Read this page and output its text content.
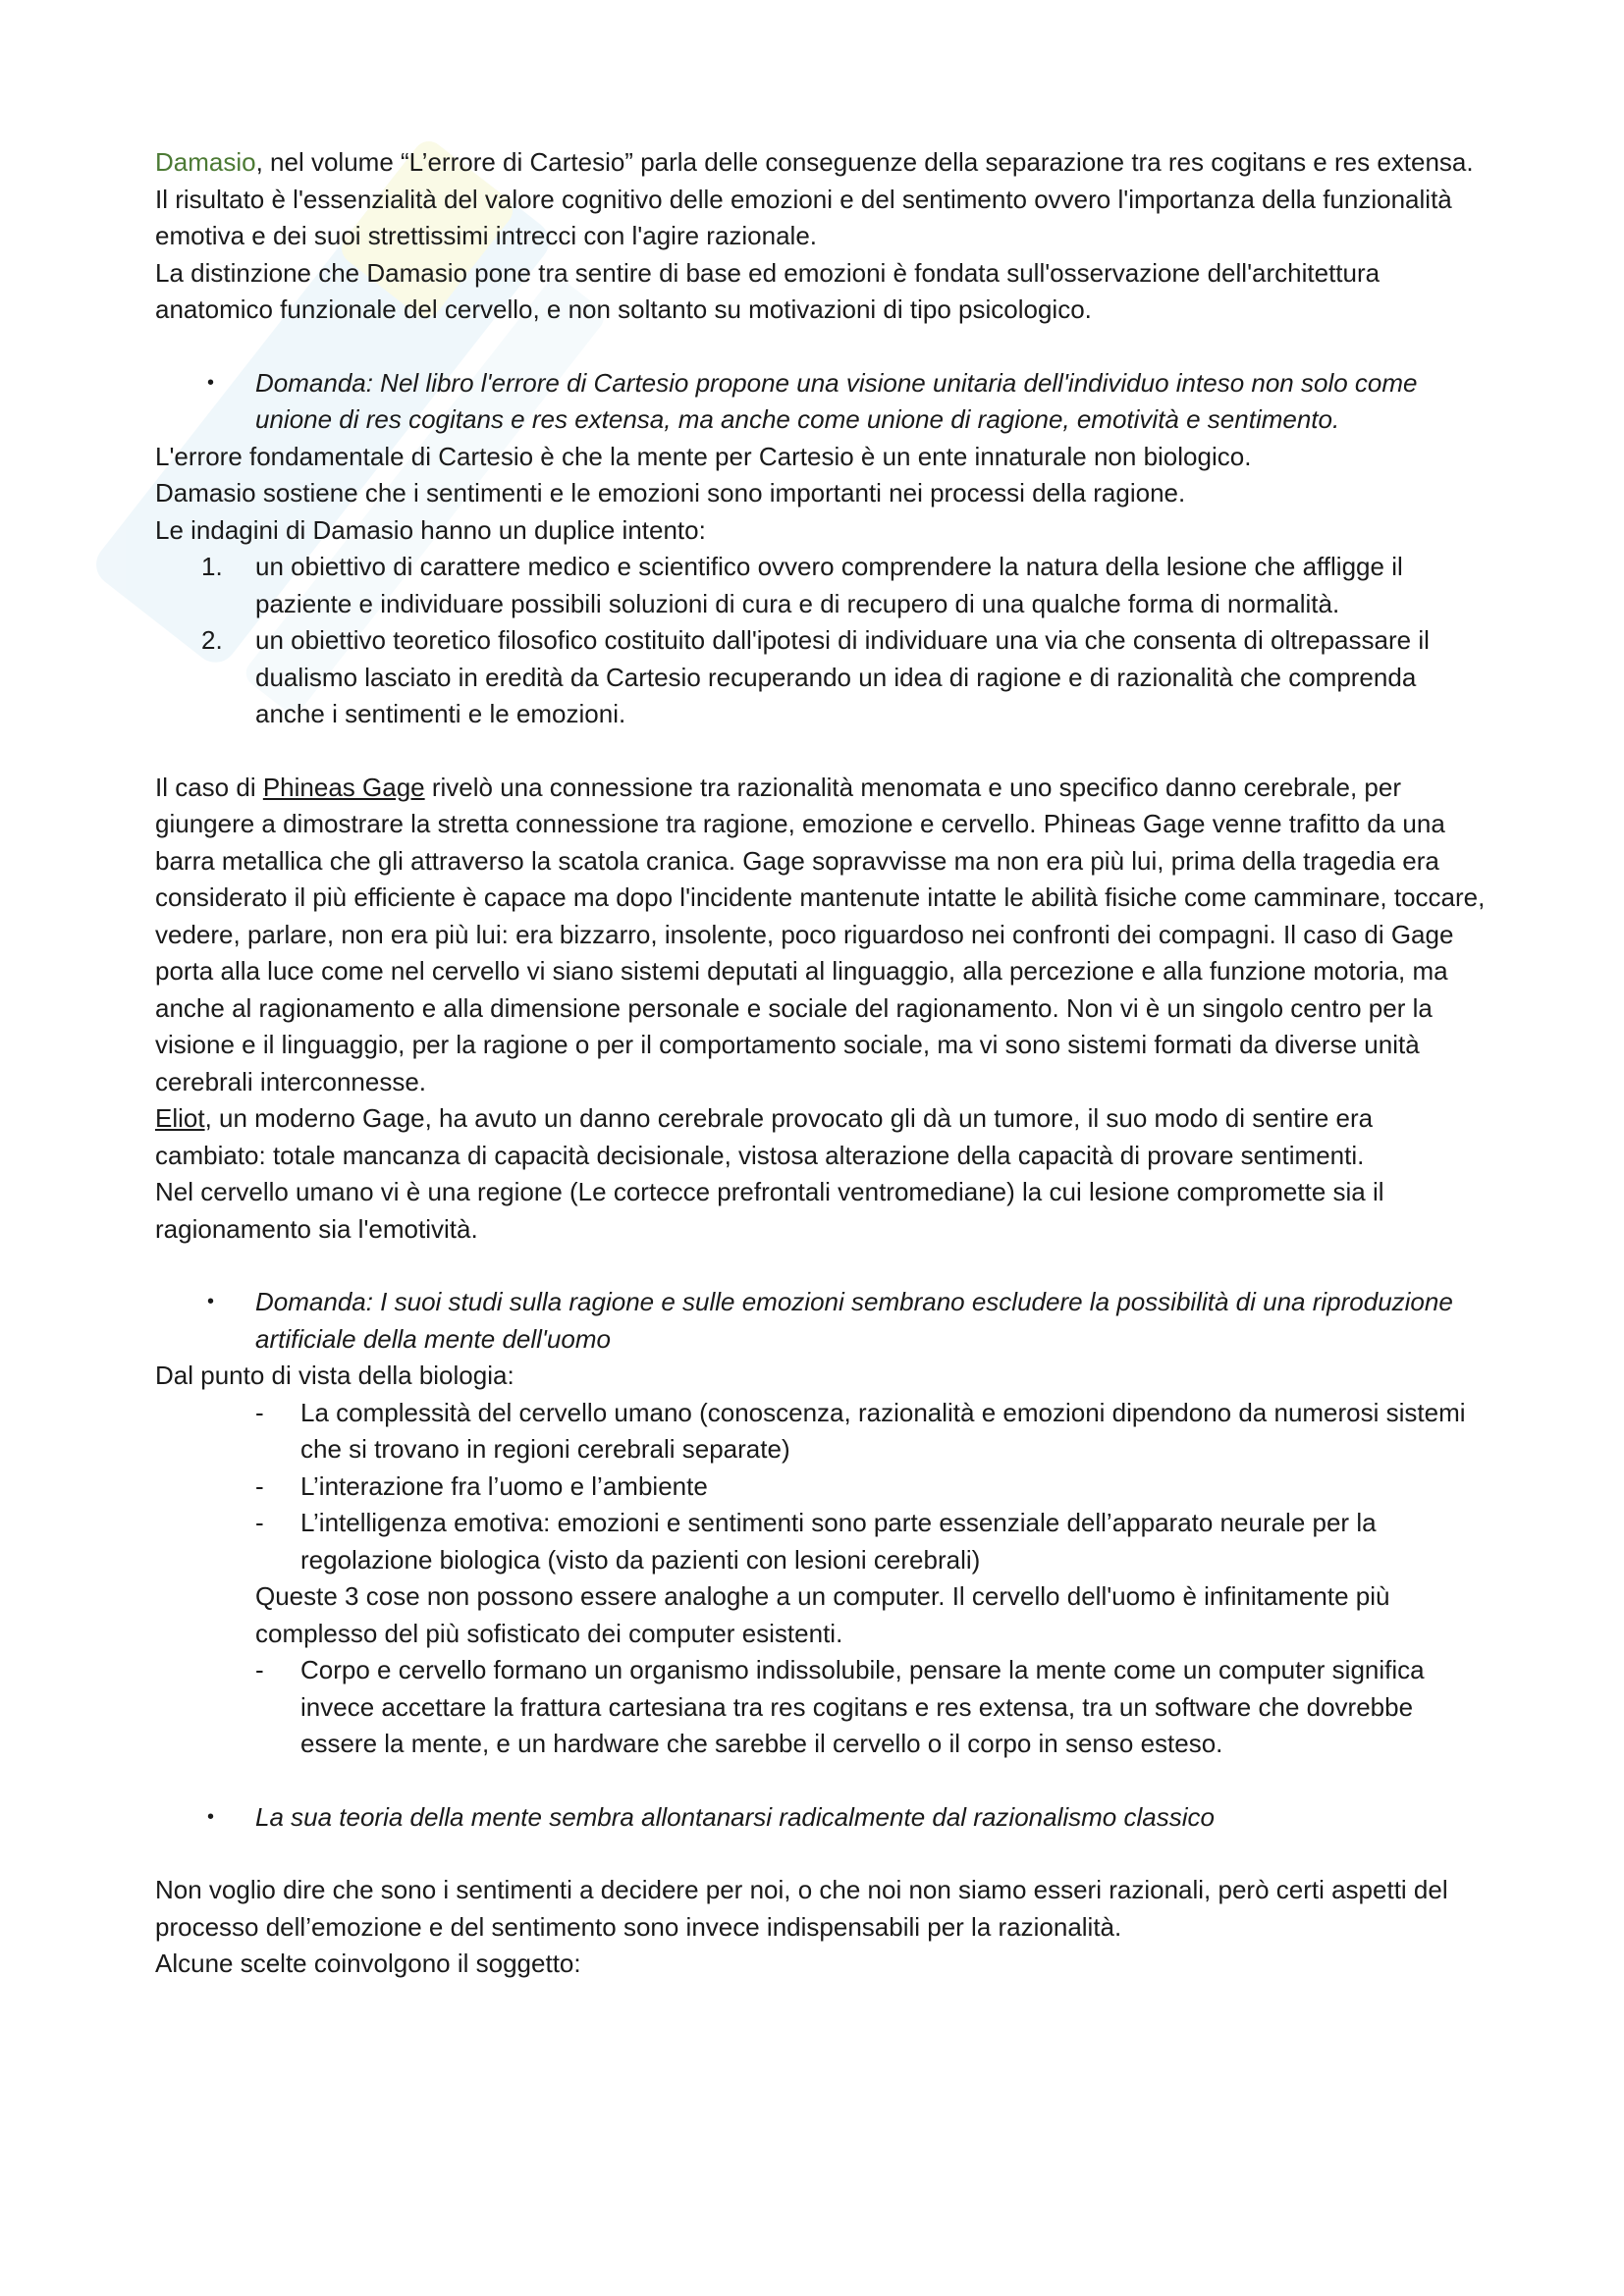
Damasio, nel volume “L’errore di Cartesio” parla delle conseguenze della separazione tra res cogitans e res extensa. Il risultato è l'essenzialità del valore cognitivo delle emozioni e del sentimento ovvero l'importanza della funzionalità emotiva e dei suoi strettissimi intrecci con l'agire razionale.

La distinzione che Damasio pone tra sentire di base ed emozioni è fondata sull'osservazione dell'architettura anatomico funzionale del cervello, e non soltanto su motivazioni di tipo psicologico.

• Domanda: Nel libro l'errore di Cartesio propone una visione unitaria dell'individuo inteso non solo come unione di res cogitans e res extensa, ma anche come unione di ragione, emotività e sentimento.

L'errore fondamentale di Cartesio è che la mente per Cartesio è un ente innaturale non biologico.

Damasio sostiene che i sentimenti e le emozioni sono importanti nei processi della ragione.

Le indagini di Damasio hanno un duplice intento:

1. un obiettivo di carattere medico e scientifico ovvero comprendere la natura della lesione che affligge il paziente e individuare possibili soluzioni di cura e di recupero di una qualche forma di normalità.
2. un obiettivo teoretico filosofico costituito dall'ipotesi di individuare una via che consenta di oltrepassare il dualismo lasciato in eredità da Cartesio recuperando un idea di ragione e di razionalità che comprenda anche i sentimenti e le emozioni.

Il caso di Phineas Gage rivelò una connessione tra razionalità menomata e uno specifico danno cerebrale, per giungere a dimostrare la stretta connessione tra ragione, emozione e cervello. Phineas Gage venne trafitto da una barra metallica che gli attraverso la scatola cranica. Gage sopravvisse ma non era più lui, prima della tragedia era considerato il più efficiente è capace ma dopo l'incidente mantenute intatte le abilità fisiche come camminare, toccare, vedere, parlare, non era più lui: era bizzarro, insolente, poco riguardoso nei confronti dei compagni. Il caso di Gage porta alla luce come nel cervello vi siano sistemi deputati al linguaggio, alla percezione e alla funzione motoria, ma anche al ragionamento e alla dimensione personale e sociale del ragionamento. Non vi è un singolo centro per la visione e il linguaggio, per la ragione o per il comportamento sociale, ma vi sono sistemi formati da diverse unità cerebrali interconnesse.

Eliot, un moderno Gage, ha avuto un danno cerebrale provocato gli dà un tumore, il suo modo di sentire era cambiato: totale mancanza di capacità decisionale, vistosa alterazione della capacità di provare sentimenti.

Nel cervello umano vi è una regione (Le cortecce prefrontali ventromediane) la cui lesione compromette sia il ragionamento sia l'emotività.

• Domanda: I suoi studi sulla ragione e sulle emozioni sembrano escludere la possibilità di una riproduzione artificiale della mente dell'uomo

Dal punto di vista della biologia:

- La complessità del cervello umano (conoscenza, razionalità e emozioni dipendono da numerosi sistemi che si trovano in regioni cerebrali separate)
- L’interazione fra l’uomo e l’ambiente
- L’intelligenza emotiva: emozioni e sentimenti sono parte essenziale dell’apparato neurale per la regolazione biologica (visto da pazienti con lesioni cerebrali)

Queste 3 cose non possono essere analoghe a un computer. Il cervello dell'uomo è infinitamente più complesso del più sofisticato dei computer esistenti.

- Corpo e cervello formano un organismo indissolubile, pensare la mente come un computer significa invece accettare la frattura cartesiana tra res cogitans e res extensa, tra un software che dovrebbe essere la mente, e un hardware che sarebbe il cervello o il corpo in senso esteso.
• La sua teoria della mente sembra allontanarsi radicalmente dal razionalismo classico

Non voglio dire che sono i sentimenti a decidere per noi, o che noi non siamo esseri razionali, però certi aspetti del processo dell’emozione e del sentimento sono invece indispensabili per la razionalità.

Alcune scelte coinvolgono il soggetto:
